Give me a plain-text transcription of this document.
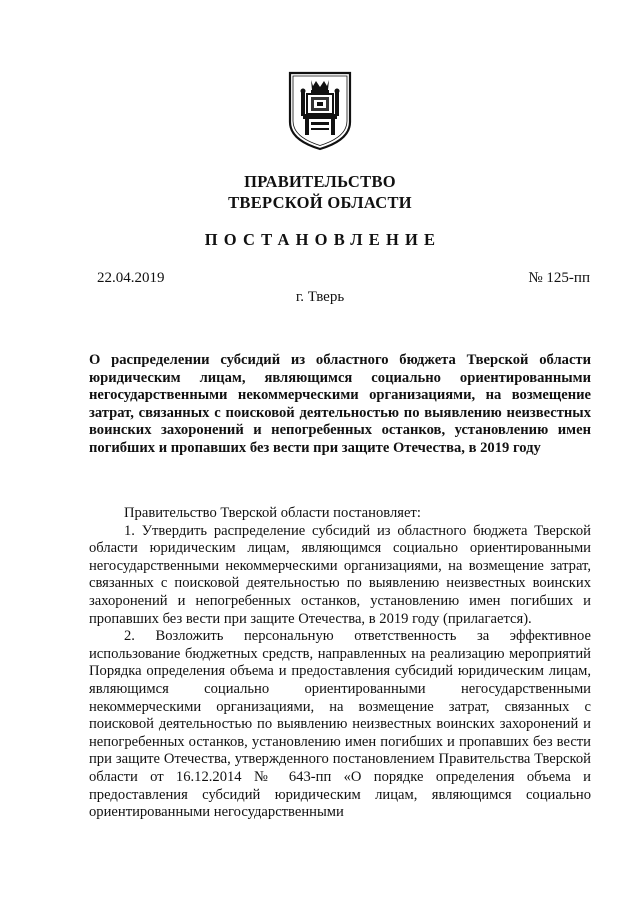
ПРАВИТЕЛЬСТВО
ТВЕРСКОЙ ОБЛАСТИ
ПОСТАНОВЛЕНИЕ
22.04.2019	№ 125-пп
г. Тверь
О распределении субсидий из областного бюджета Тверской области юридическим лицам, являющимся социально ориентированными негосударственными некоммерческими организациями, на возмещение затрат, связанных с поисковой деятельностью по выявлению неизвестных воинских захоронений и непогребенных останков, установлению имен погибших и пропавших без вести при защите Отечества, в 2019 году

Правительство Тверской области постановляет:

1. Утвердить распределение субсидий из областного бюджета Тверской области юридическим лицам, являющимся социально ориентированными негосударственными некоммерческими организациями, на возмещение затрат, связанных с поисковой деятельностью по выявлению неизвестных воинских захоронений и непогребенных останков, установлению имен погибших и пропавших без вести при защите Отечества, в 2019 году (прилагается).

2. Возложить персональную ответственность за эффективное использование бюджетных средств, направленных на реализацию мероприятий Порядка определения объема и предоставления субсидий юридическим лицам, являющимся социально ориентированными негосударственными некоммерческими организациями, на возмещение затрат, связанных с поисковой деятельностью по выявлению неизвестных воинских захоронений и непогребенных останков, установлению имен погибших и пропавших без вести при защите Отечества, утвержденного постановлением Правительства Тверской области от 16.12.2014 № 643-пп «О порядке определения объема и предоставления субсидий юридическим лицам, являющимся социально ориентированными негосударственными
